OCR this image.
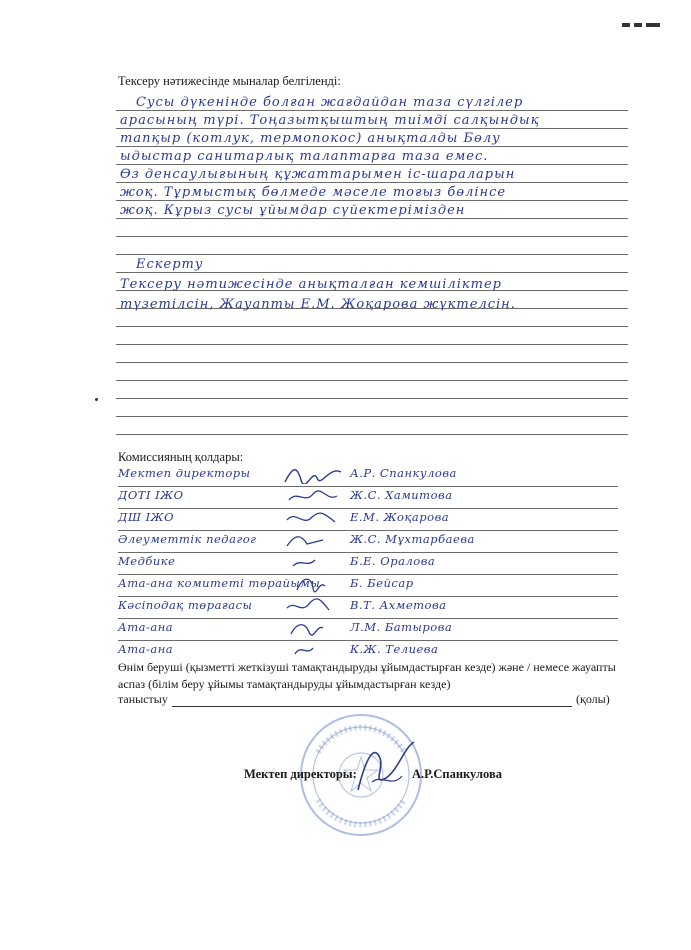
Тексеру нәтижесінде мыналар белгіленді:
Сусы дүкенінде болған жағдайдан таза сүлгілер
арасының түрі. Тоңазытқыштың тиімді салқындық
тапқыр (котлук, термопокос) анықталды Бөлу
ыдыстар санитарлық талаптарға таза емес.
Өз денсаулығының құжаттарымен іс-шараларын
жоқ. Тұрмыстық бөлмеде мәселе тоғыз бөлінсе
жоқ. Кұрыз сусы ұйымдар сүйектерімізден
Ескерту
Тексеру нәтижесінде анықталған кемшіліктер
түзетілсін, Жауапты Е.М. Жоқарова жүктелсін.
Комиссияның қолдары:
Мектеп директоры	А.Р. Спанкулова
ДОТІ ІЖО	Ж.С. Хамитова
ДШ ІЖО	Е.М. Жоқарова
Әлеуметтік педагог	Ж.С. Мұхтарбаева
Медбике	Б.Е. Оралова
Ата-ана комитеті төрайымы	Б. Бейсар
Кәсіподақ төрағасы	В.Т. Ахметова
Ата-ана	Л.М. Батырова
Ата-ана	К.Ж. Телиева
Өнім беруші (қызметті жеткізуші тамақтандыруды ұйымдастырған кезде) және / немесе жауапты
аспаз (білім беру ұйымы тамақтандыруды ұйымдастырған кезде)
таныстыу	(қолы)
Мектеп директоры:	А.Р.Спанкулова
